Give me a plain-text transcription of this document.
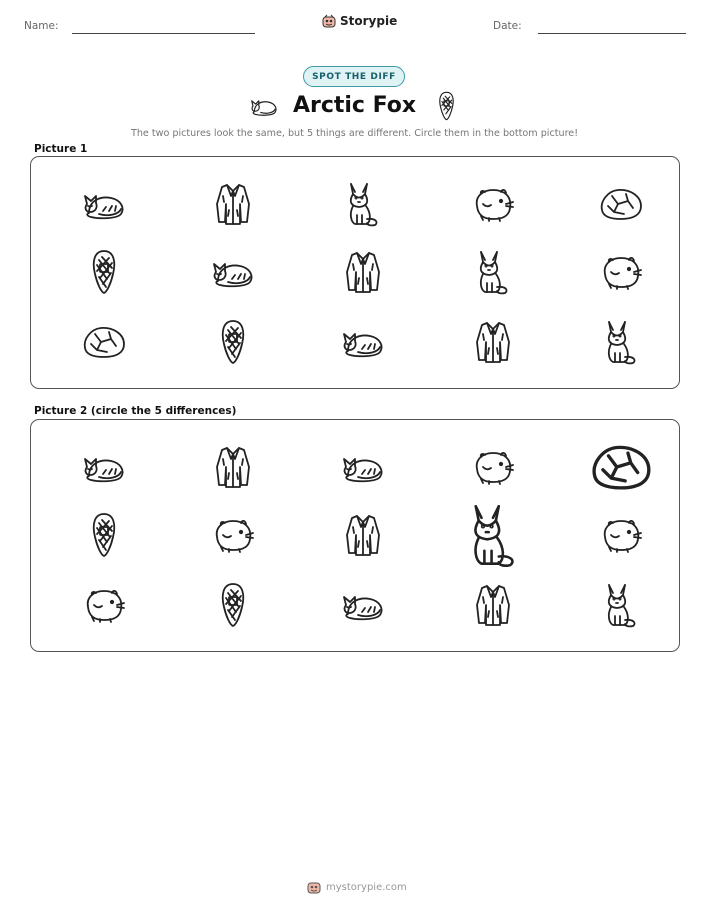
Name:	Storypie	Date:
SPOT THE DIFF
Arctic Fox
The two pictures look the same, but 5 things are different. Circle them in the bottom picture!
Picture 1
Picture 2 (circle the 5 differences)
mystorypie.com
